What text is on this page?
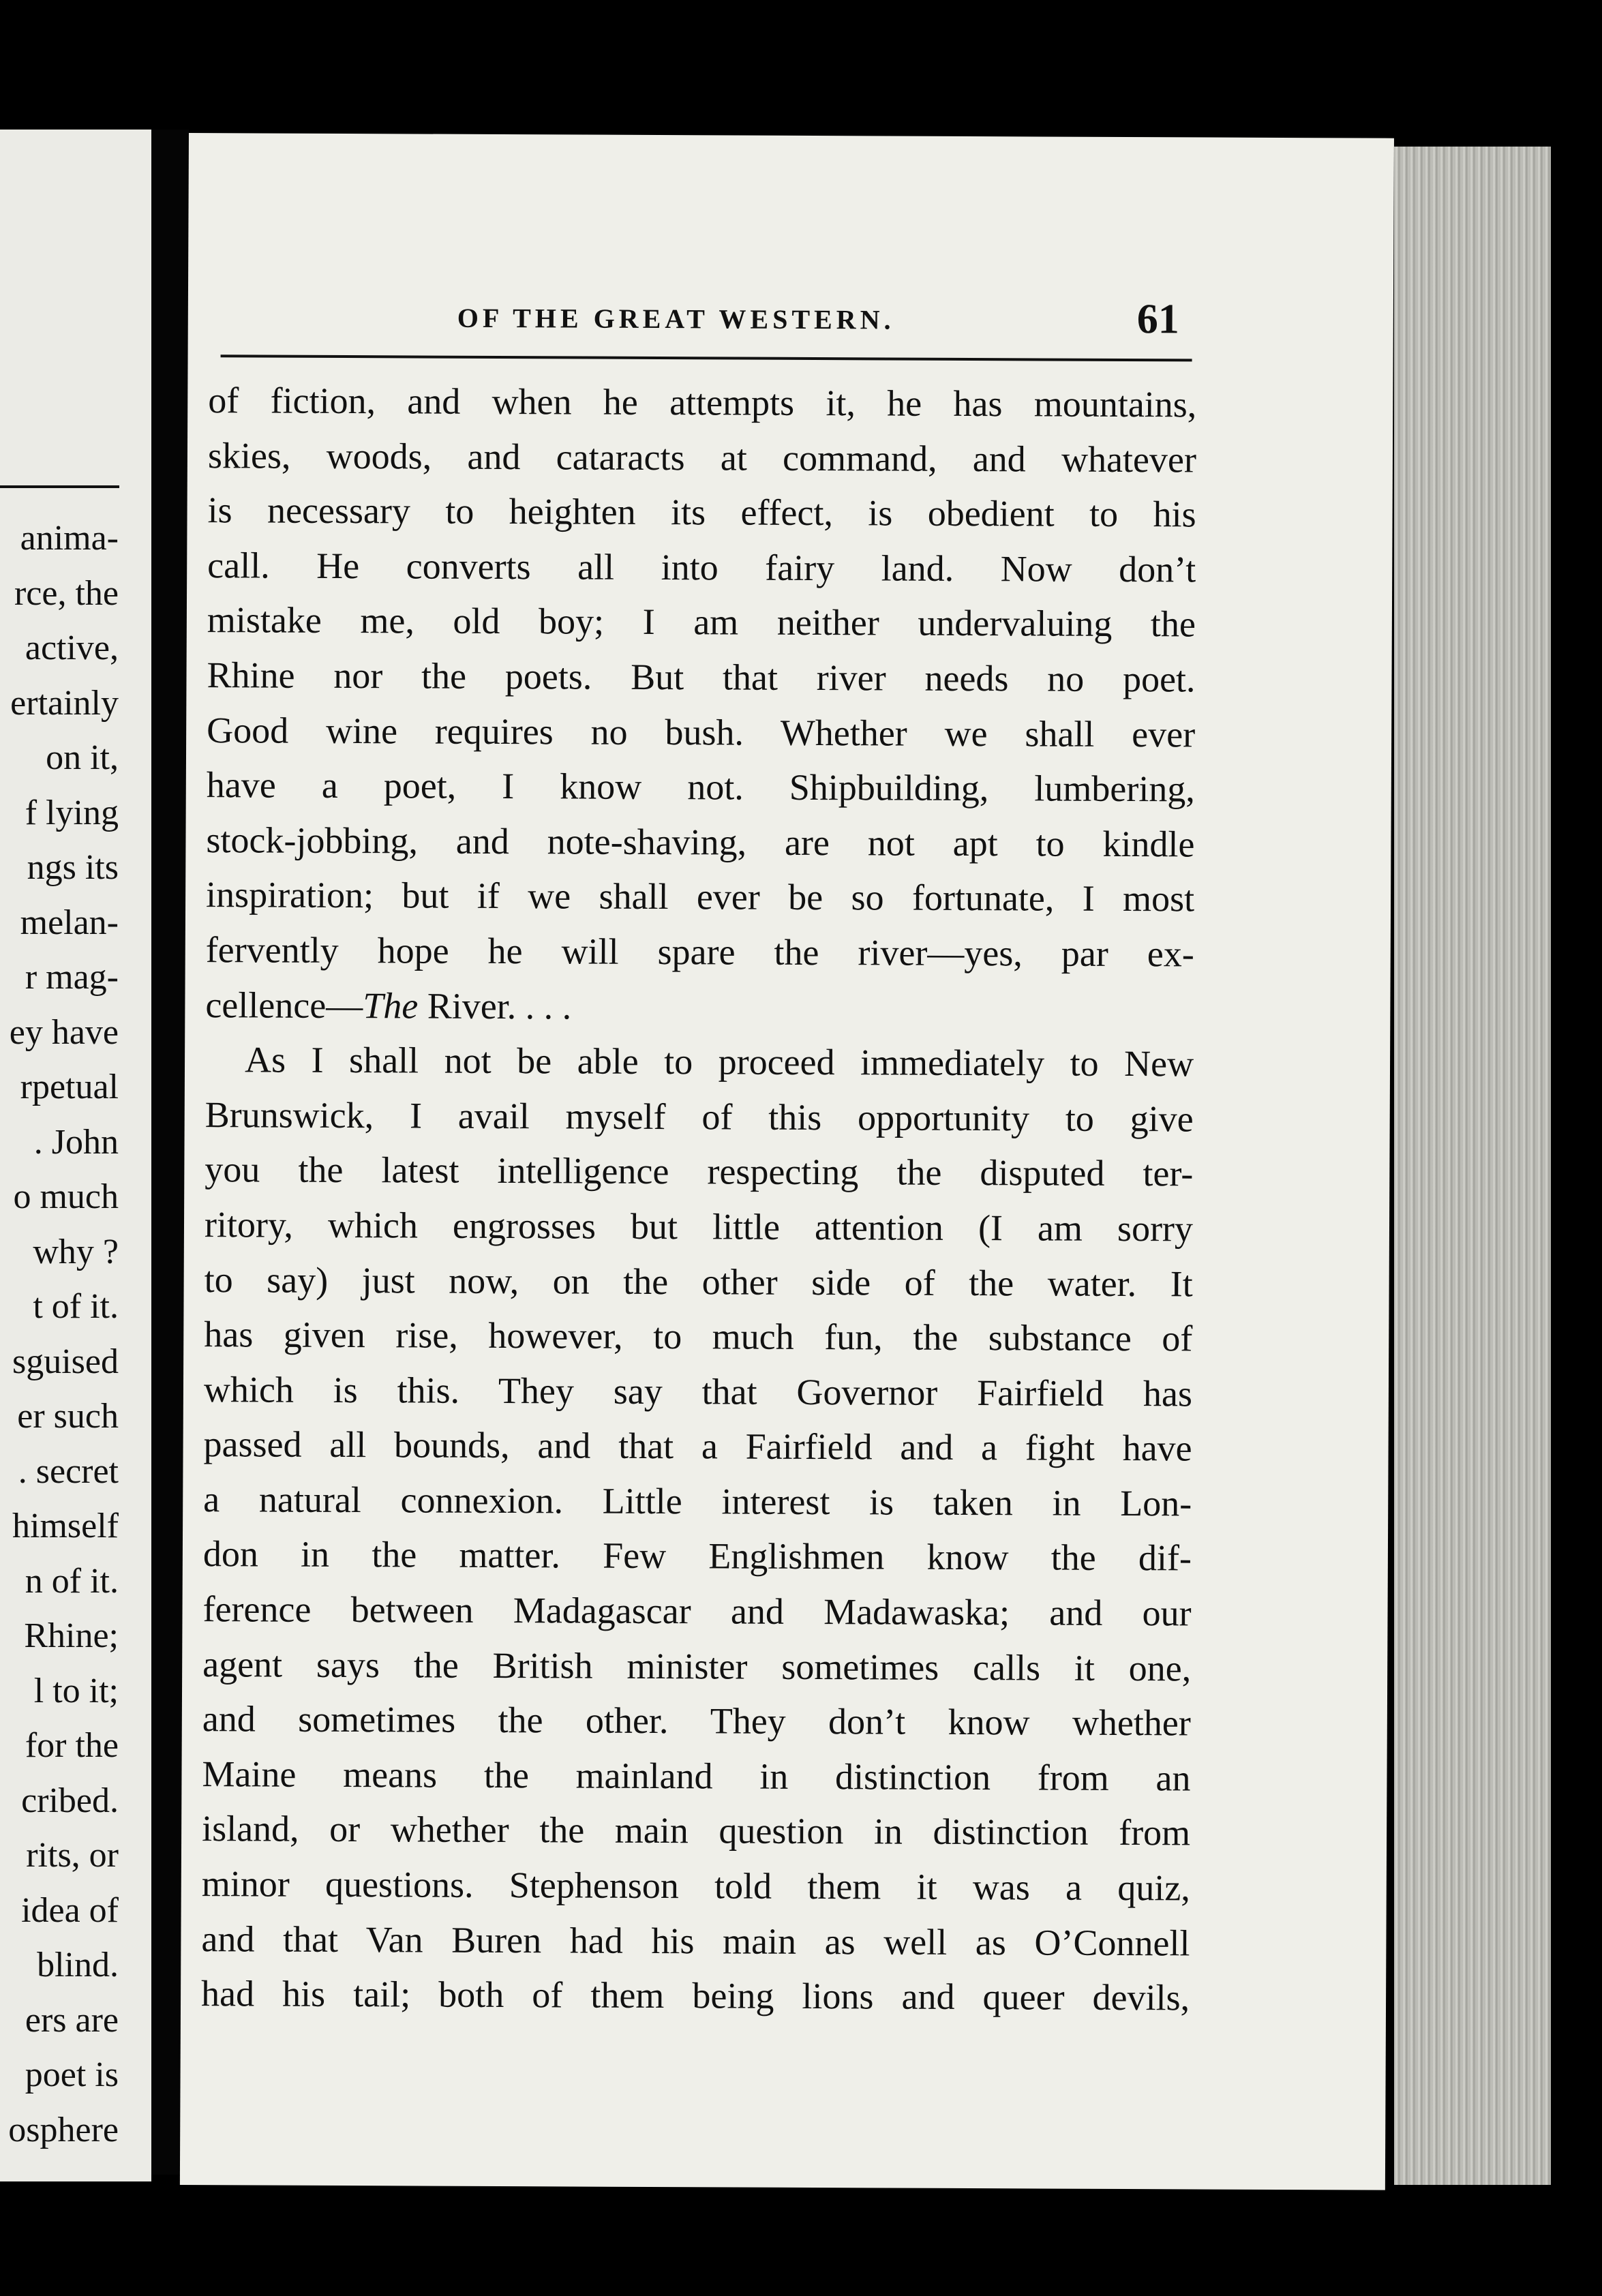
anima-
rce, the
active,
ertainly
on it,
f lying
ngs its
melan-
r mag-
ey have
rpetual
. John
o much
why ?
t of it.
sguised
er such
. secret
himself
n of it.
Rhine;
l to it;
for the
cribed.
rits, or
idea of
blind.
ers are
poet is
osphere
OF THE GREAT WESTERN.	61
of fiction, and when he attempts it, he has mountains,
skies, woods, and cataracts at command, and whatever
is necessary to heighten its effect, is obedient to his
call. He converts all into fairy land. Now don’t
mistake me, old boy; I am neither undervaluing the
Rhine nor the poets. But that river needs no poet.
Good wine requires no bush. Whether we shall ever
have a poet, I know not. Shipbuilding, lumbering,
stock-jobbing, and note-shaving, are not apt to kindle
inspiration; but if we shall ever be so fortunate, I most
fervently hope he will spare the river—yes, par ex-
cellence—The River. . . .
As I shall not be able to proceed immediately to New
Brunswick, I avail myself of this opportunity to give
you the latest intelligence respecting the disputed ter-
ritory, which engrosses but little attention (I am sorry
to say) just now, on the other side of the water. It
has given rise, however, to much fun, the substance of
which is this. They say that Governor Fairfield has
passed all bounds, and that a Fairfield and a fight have
a natural connexion. Little interest is taken in Lon-
don in the matter. Few Englishmen know the dif-
ference between Madagascar and Madawaska; and our
agent says the British minister sometimes calls it one,
and sometimes the other. They don’t know whether
Maine means the mainland in distinction from an
island, or whether the main question in distinction from
minor questions. Stephenson told them it was a quiz,
and that Van Buren had his main as well as O’Connell
had his tail; both of them being lions and queer devils,
